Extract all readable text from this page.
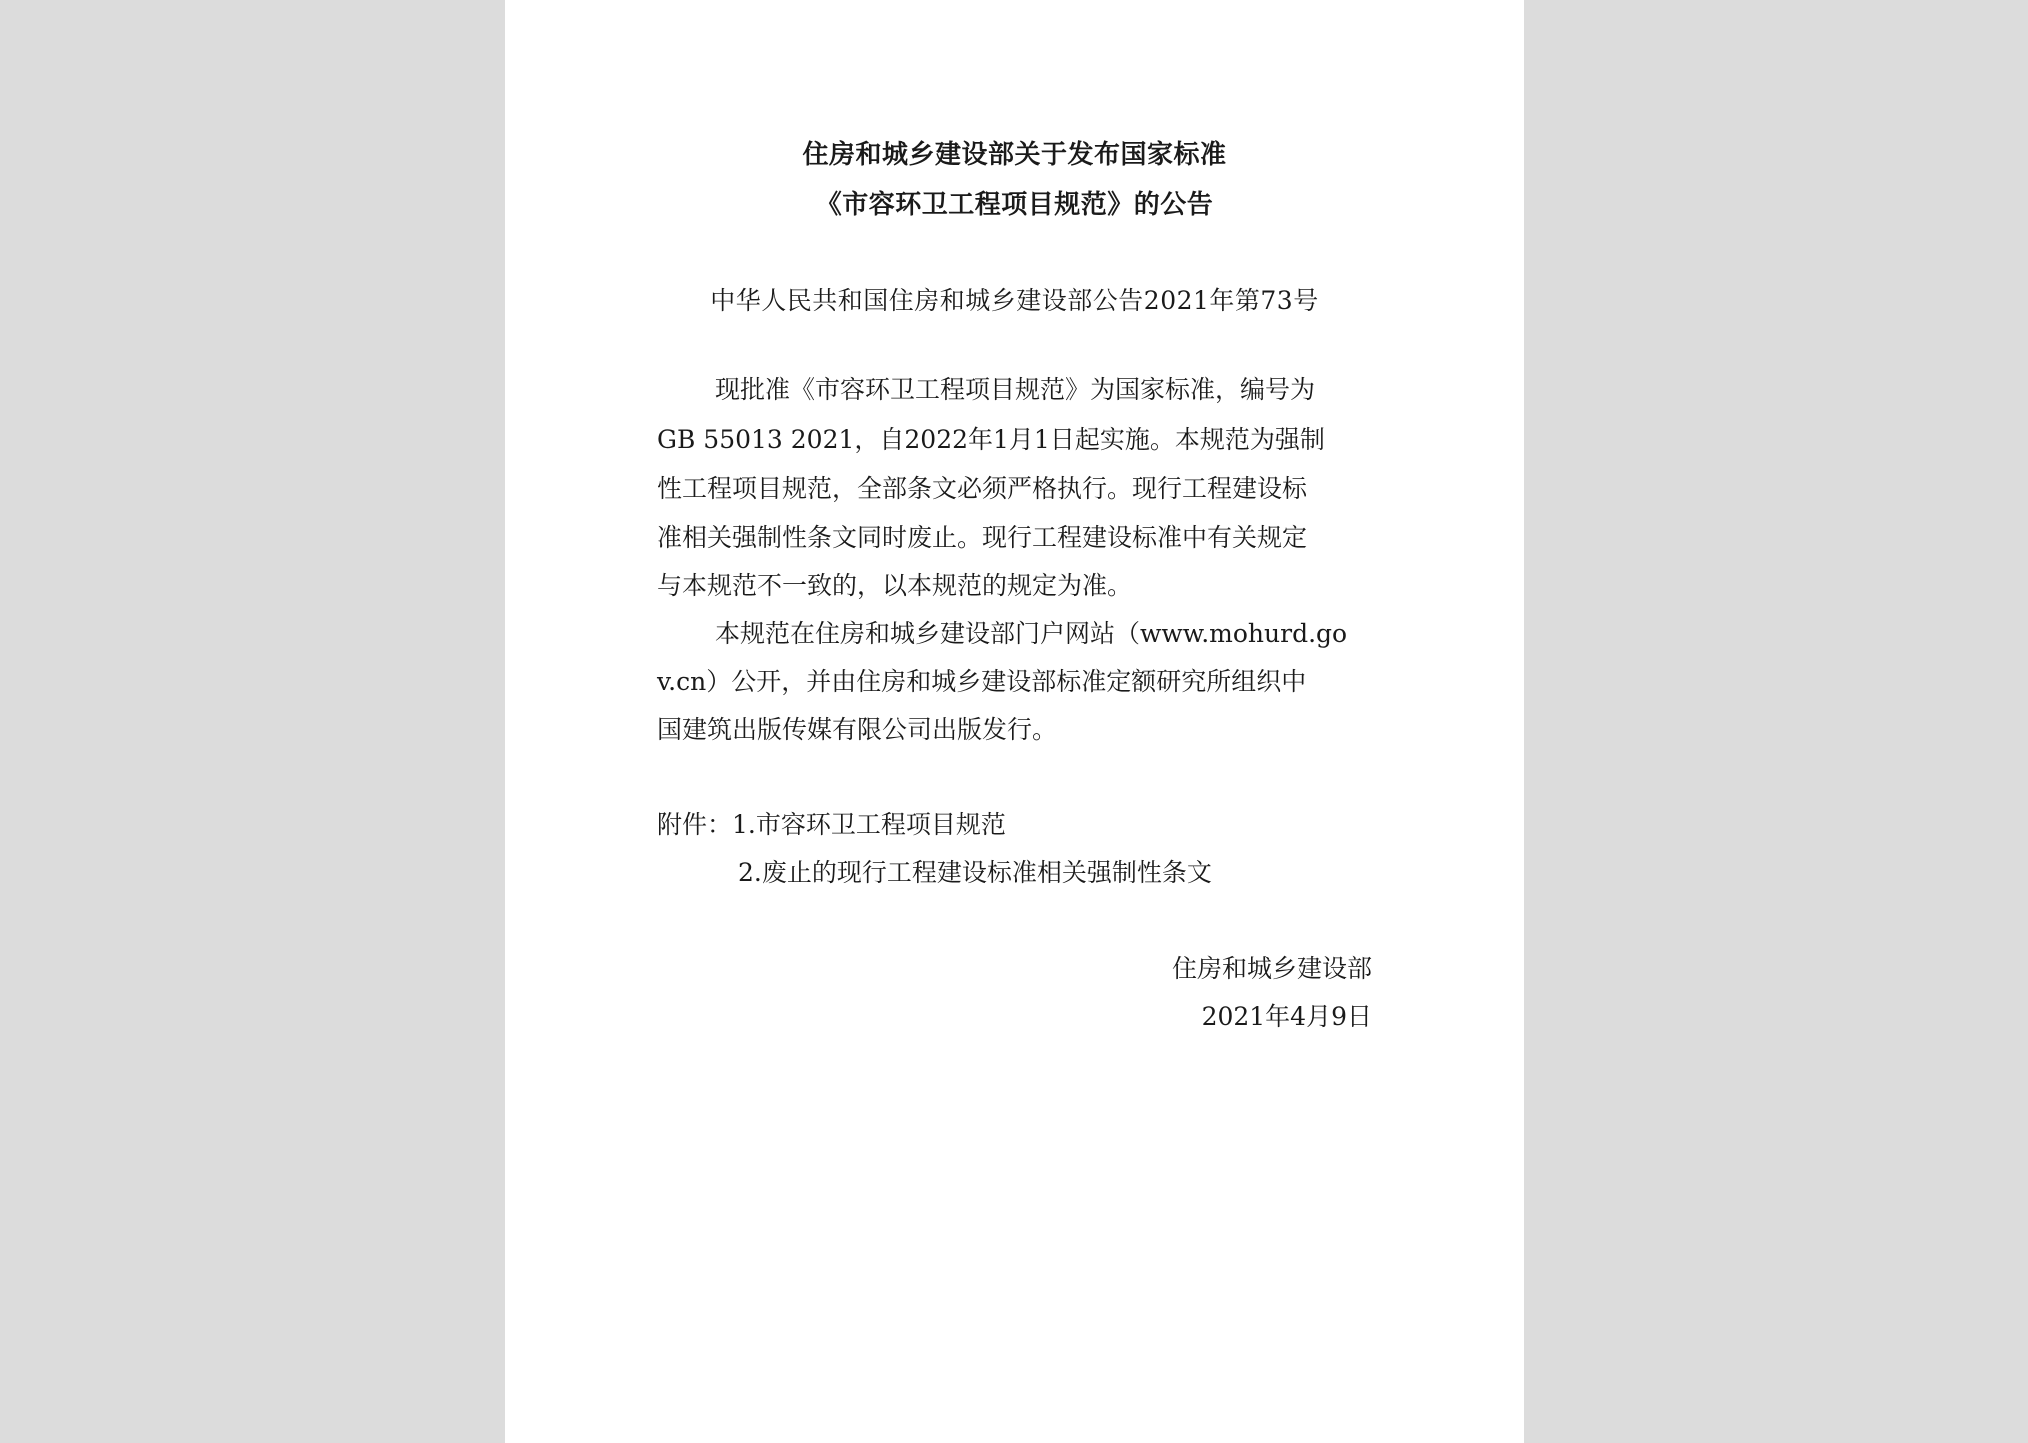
住房和城乡建设部关于发布国家标准
《市容环卫工程项目规范》的公告
中华人民共和国住房和城乡建设部公告2021年第73号
现批准《市容环卫工程项目规范》为国家标准，编号为
GB 55013 2021，自2022年1月1日起实施。本规范为强制
性工程项目规范，全部条文必须严格执行。现行工程建设标
准相关强制性条文同时废止。现行工程建设标准中有关规定
与本规范不一致的，以本规范的规定为准。
本规范在住房和城乡建设部门户网站（www.mohurd.go
v.cn）公开，并由住房和城乡建设部标准定额研究所组织中
国建筑出版传媒有限公司出版发行。
附件：1.市容环卫工程项目规范
2.废止的现行工程建设标准相关强制性条文
住房和城乡建设部
2021年4月9日
